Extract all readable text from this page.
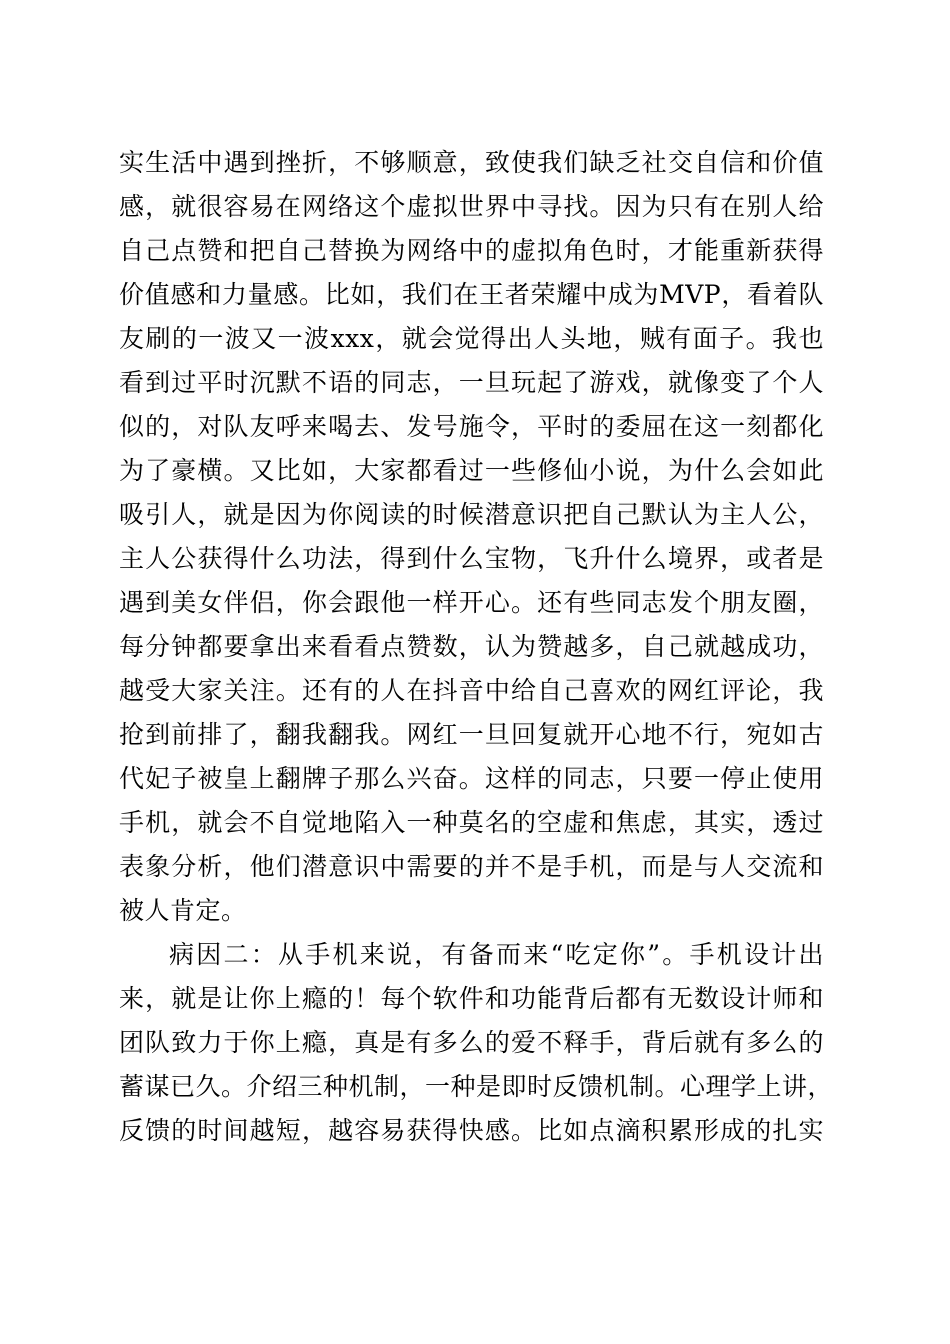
实生活中遇到挫折，不够顺意，致使我们缺乏社交自信和价值
感，就很容易在网络这个虚拟世界中寻找。因为只有在别人给
自己点赞和把自己替换为网络中的虚拟角色时，才能重新获得
价值感和力量感。比如，我们在王者荣耀中成为MVP，看着队
友刷的一波又一波xxx，就会觉得出人头地，贼有面子。我也
看到过平时沉默不语的同志，一旦玩起了游戏，就像变了个人
似的，对队友呼来喝去、发号施令，平时的委屈在这一刻都化
为了豪横。又比如，大家都看过一些修仙小说，为什么会如此
吸引人，就是因为你阅读的时候潜意识把自己默认为主人公，
主人公获得什么功法，得到什么宝物，飞升什么境界，或者是
遇到美女伴侣，你会跟他一样开心。还有些同志发个朋友圈，
每分钟都要拿出来看看点赞数，认为赞越多，自己就越成功，
越受大家关注。还有的人在抖音中给自己喜欢的网红评论，我
抢到前排了，翻我翻我。网红一旦回复就开心地不行，宛如古
代妃子被皇上翻牌子那么兴奋。这样的同志，只要一停止使用
手机，就会不自觉地陷入一种莫名的空虚和焦虑，其实，透过
表象分析，他们潜意识中需要的并不是手机，而是与人交流和
被人肯定。
病因二：从手机来说，有备而来“吃定你”。手机设计出
来，就是让你上瘾的！每个软件和功能背后都有无数设计师和
团队致力于你上瘾，真是有多么的爱不释手，背后就有多么的
蓄谋已久。介绍三种机制，一种是即时反馈机制。心理学上讲，
反馈的时间越短，越容易获得快感。比如点滴积累形成的扎实
